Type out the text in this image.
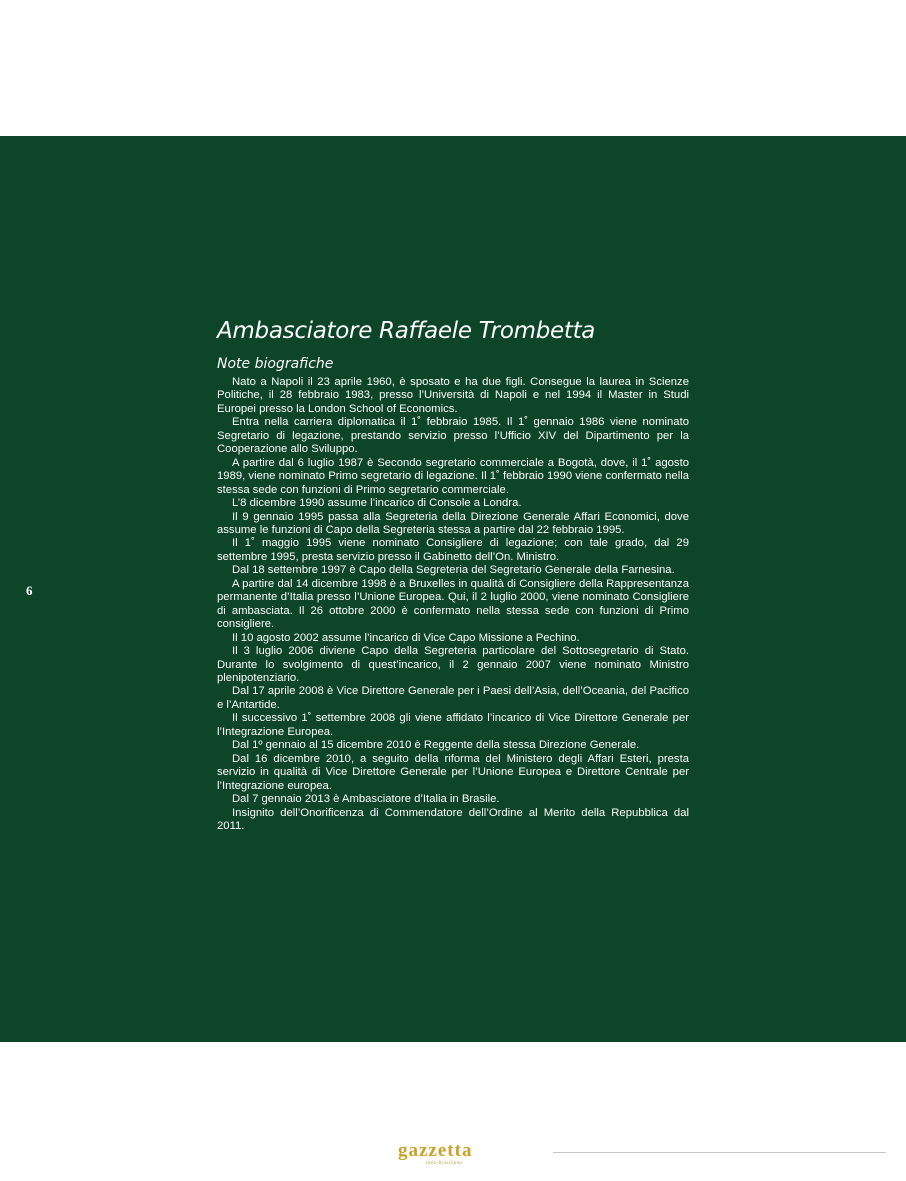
Ambasciatore Raffaele Trombetta
Note biografiche

Nato a Napoli il 23 aprile 1960, è sposato e ha due figli. Consegue la laurea in Scienze Politiche, il 28 febbraio 1983, presso l’Università di Napoli e nel 1994 il Master in Studi Europei presso la London School of Economics.

Entra nella carriera diplomatica il 1˚ febbraio 1985. Il 1˚ gennaio 1986 viene nominato Segretario di legazione, prestando servizio presso l’Ufficio XIV del Dipartimento per la Cooperazione allo Sviluppo.

A partire dal 6 luglio 1987 è Secondo segretario commerciale a Bogotà, dove, il 1˚ agosto 1989, viene nominato Primo segretario di legazione. Il 1˚ febbraio 1990 viene confermato nella stessa sede con funzioni di Primo segretario commerciale.

L’8 dicembre 1990 assume l’incarico di Console a Londra.

Il 9 gennaio 1995 passa alla Segreteria della Direzione Generale Affari Economici, dove assume le funzioni di Capo della Segreteria stessa a partire dal 22 febbraio 1995.

Il 1˚ maggio 1995 viene nominato Consigliere di legazione; con tale grado, dal 29 settembre 1995, presta servizio presso il Gabinetto dell’On. Ministro.

Dal 18 settembre 1997 è Capo della Segreteria del Segretario Generale della Farnesina.

A partire dal 14 dicembre 1998 è a Bruxelles in qualità di Consigliere della Rappresentanza permanente d’Italia presso l’Unione Europea. Qui, il 2 luglio 2000, viene nominato Consigliere di ambasciata. Il 26 ottobre 2000 è confermato nella stessa sede con funzioni di Primo consigliere.

Il 10 agosto 2002 assume l’incarico di Vice Capo Missione a Pechino.

Il 3 luglio 2006 diviene Capo della Segreteria particolare del Sottosegretario di Stato. Durante lo svolgimento di quest’incarico, il 2 gennaio 2007 viene nominato Ministro plenipotenziario.

Dal 17 aprile 2008 è Vice Direttore Generale per i Paesi dell’Asia, dell’Oceania, del Pacifico e l’Antartide.

Il successivo 1˚ settembre 2008 gli viene affidato l’incarico di Vice Direttore Generale per l’Integrazione Europea.

Dal 1º gennaio al 15 dicembre 2010 è Reggente della stessa Direzione Generale.

Dal 16 dicembre 2010, a seguito della riforma del Ministero degli Affari Esteri, presta servizio in qualità di Vice Direttore Generale per l’Unione Europea e Direttore Centrale per l’Integrazione europea.

Dal 7 gennaio 2013 è Ambasciatore d’Italia in Brasile.

Insignito dell’Onorificenza di Commendatore dell’Ordine al Merito della Repubblica dal 2011.

6
gazzetta
italo-brasiliana
